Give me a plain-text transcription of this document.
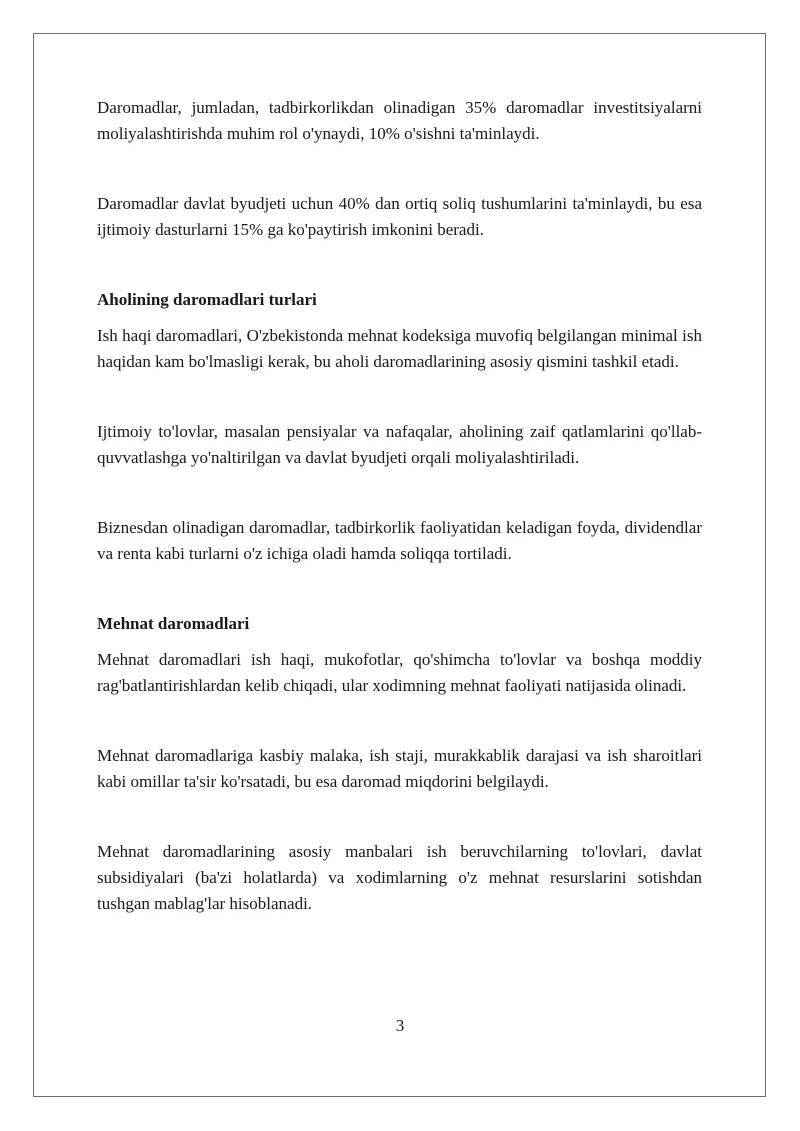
Daromadlar, jumladan, tadbirkorlikdan olinadigan 35% daromadlar investitsiyalarni moliyalashtirishda muhim rol o'ynaydi, 10% o'sishni ta'minlaydi.

Daromadlar davlat byudjeti uchun 40% dan ortiq soliq tushumlarini ta'minlaydi, bu esa ijtimoiy dasturlarni 15% ga ko'paytirish imkonini beradi.

Aholining daromadlari turlari

Ish haqi daromadlari, O'zbekistonda mehnat kodeksiga muvofiq belgilangan minimal ish haqidan kam bo'lmasligi kerak, bu aholi daromadlarining asosiy qismini tashkil etadi.

Ijtimoiy to'lovlar, masalan pensiyalar va nafaqalar, aholining zaif qatlamlarini qo'llab-quvvatlashga yo'naltirilgan va davlat byudjeti orqali moliyalashtiriladi.

Biznesdan olinadigan daromadlar, tadbirkorlik faoliyatidan keladigan foyda, dividendlar va renta kabi turlarni o'z ichiga oladi hamda soliqqa tortiladi.

Mehnat daromadlari

Mehnat daromadlari ish haqi, mukofotlar, qo'shimcha to'lovlar va boshqa moddiy rag'batlantirishlardan kelib chiqadi, ular xodimning mehnat faoliyati natijasida olinadi.

Mehnat daromadlariga kasbiy malaka, ish staji, murakkablik darajasi va ish sharoitlari kabi omillar ta'sir ko'rsatadi, bu esa daromad miqdorini belgilaydi.

Mehnat daromadlarining asosiy manbalari ish beruvchilarning to'lovlari, davlat subsidiyalari (ba'zi holatlarda) va xodimlarning o'z mehnat resurslarini sotishdan tushgan mablag'lar hisoblanadi.

3
